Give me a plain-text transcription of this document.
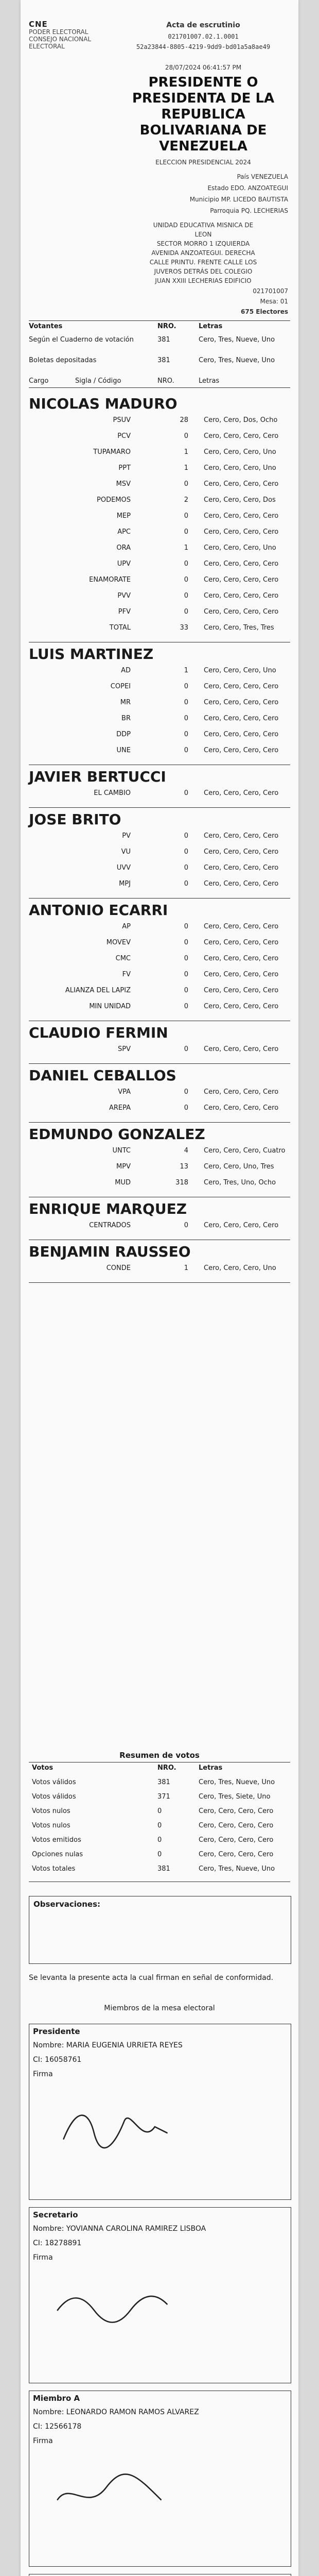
CNE
PODER ELECTORAL
CONSEJO NACIONAL ELECTORAL
Acta de escrutinio
021701007.02.1.0001
52a23844-8805-4219-9dd9-bd01a5a8ae49
28/07/2024 06:41:57 PM
PRESIDENTE O
PRESIDENTA DE LA
REPUBLICA
BOLIVARIANA DE
VENEZUELA
ELECCION PRESIDENCIAL 2024
País VENEZUELA
Estado EDO. ANZOATEGUI
Municipio MP. LICEDO BAUTISTA
Parroquia PQ. LECHERIAS
UNIDAD EDUCATIVA MISNICA DE
LEON
SECTOR MORRO 1 IZQUIERDA
AVENIDA ANZOATEGUI. DERECHA
CALLE PRINTU. FRENTE CALLE LOS
JUVEROS DETRÁS DEL COLEGIO
JUAN XXIII LECHERIAS EDIFICIO
021701007
Mesa: 01
675 Electores
Votantes	NRO.	Letras
Según el Cuaderno de votación	381	Cero, Tres, Nueve, Uno
Boletas depositadas	381	Cero, Tres, Nueve, Uno
Cargo	Sigla / Código	NRO.	Letras
NICOLAS MADURO
PSUV	28 Cero, Cero, Dos, Ocho
PCV	0 Cero, Cero, Cero, Cero
TUPAMARO	1 Cero, Cero, Cero, Uno
PPT	1 Cero, Cero, Cero, Uno
MSV	0 Cero, Cero, Cero, Cero
PODEMOS	2 Cero, Cero, Cero, Dos
MEP	0 Cero, Cero, Cero, Cero
APC	0 Cero, Cero, Cero, Cero
ORA	1 Cero, Cero, Cero, Uno
UPV	0 Cero, Cero, Cero, Cero
ENAMORATE	0 Cero, Cero, Cero, Cero
PVV	0 Cero, Cero, Cero, Cero
PFV	0 Cero, Cero, Cero, Cero
TOTAL	33 Cero, Cero, Tres, Tres
LUIS MARTINEZ
AD	1 Cero, Cero, Cero, Uno
COPEI	0 Cero, Cero, Cero, Cero
MR	0 Cero, Cero, Cero, Cero
BR	0 Cero, Cero, Cero, Cero
DDP	0 Cero, Cero, Cero, Cero
UNE	0 Cero, Cero, Cero, Cero
JAVIER BERTUCCI
EL CAMBIO	0 Cero, Cero, Cero, Cero
JOSE BRITO
PV	0 Cero, Cero, Cero, Cero
VU	0 Cero, Cero, Cero, Cero
UVV	0 Cero, Cero, Cero, Cero
MPJ	0 Cero, Cero, Cero, Cero
ANTONIO ECARRI
AP	0 Cero, Cero, Cero, Cero
MOVEV	0 Cero, Cero, Cero, Cero
CMC	0 Cero, Cero, Cero, Cero
FV	0 Cero, Cero, Cero, Cero
ALIANZA DEL LAPIZ	0 Cero, Cero, Cero, Cero
MIN UNIDAD	0 Cero, Cero, Cero, Cero
CLAUDIO FERMIN
SPV	0 Cero, Cero, Cero, Cero
DANIEL CEBALLOS
VPA	0 Cero, Cero, Cero, Cero
AREPA	0 Cero, Cero, Cero, Cero
EDMUNDO GONZALEZ
UNTC	4 Cero, Cero, Cero, Cuatro
MPV	13 Cero, Cero, Uno, Tres
MUD	318 Cero, Tres, Uno, Ocho
ENRIQUE MARQUEZ
CENTRADOS	0 Cero, Cero, Cero, Cero
BENJAMIN RAUSSEO
CONDE	1 Cero, Cero, Cero, Uno
Resumen de votos
Votos	NRO.	Letras
Votos válidos	381	Cero, Tres, Nueve, Uno
Votos válidos	371	Cero, Tres, Siete, Uno
Votos nulos	0	Cero, Cero, Cero, Cero
Votos nulos	0	Cero, Cero, Cero, Cero
Votos emitidos	0	Cero, Cero, Cero, Cero
Opciones nulas	0	Cero, Cero, Cero, Cero
Votos totales	381	Cero, Tres, Nueve, Uno
Observaciones:
Se levanta la presente acta la cual firman en señal de conformidad.
Miembros de la mesa electoral
Presidente
Nombre: MARIA EUGENIA URRIETA REYES
CI: 16058761
Firma
Secretario
Nombre: YOVIANNA CAROLINA RAMIREZ LISBOA
CI: 18278891
Firma
Miembro A
Nombre: LEONARDO RAMON RAMOS ALVAREZ
CI: 12566178
Firma
